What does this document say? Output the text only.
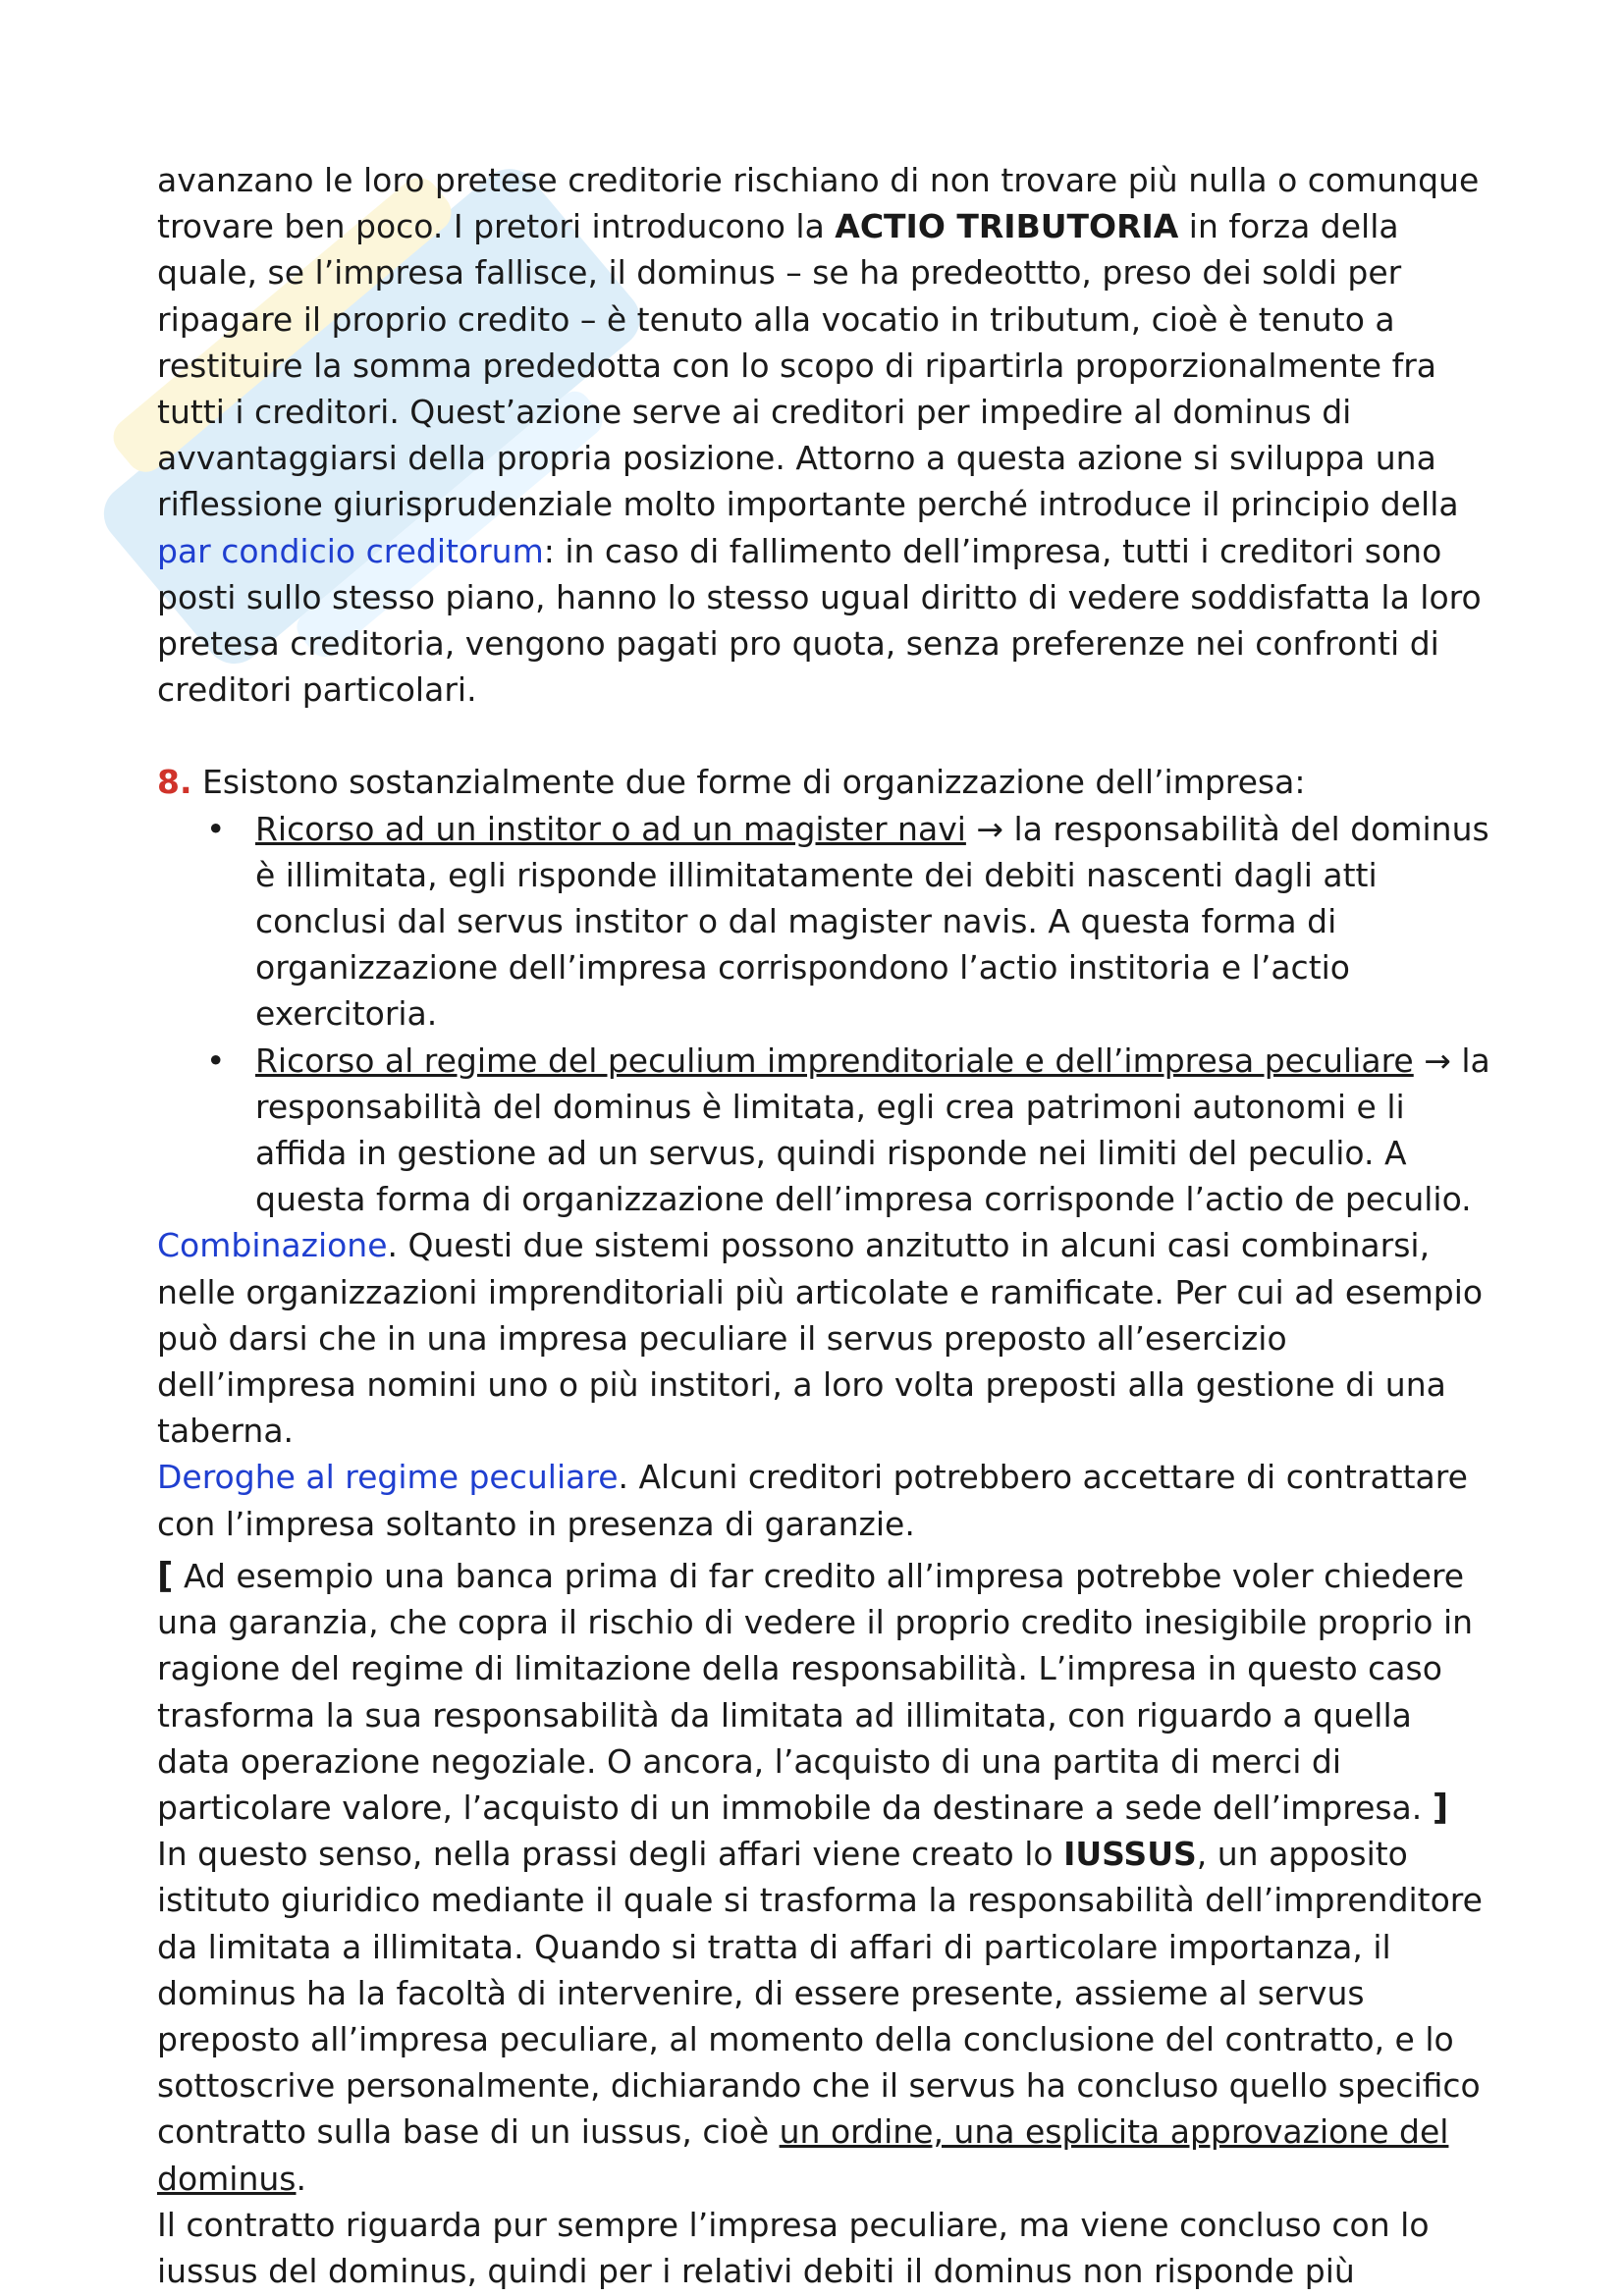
avanzano le loro pretese creditorie rischiano di non trovare più nulla o comunque trovare ben poco. I pretori introducono la ACTIO TRIBUTORIA in forza della quale, se l’impresa fallisce, il dominus – se ha predeottto, preso dei soldi per ripagare il proprio credito – è tenuto alla vocatio in tributum, cioè è tenuto a restituire la somma prededotta con lo scopo di ripartirla proporzionalmente fra tutti i creditori. Quest’azione serve ai creditori per impedire al dominus di avvantaggiarsi della propria posizione. Attorno a questa azione si sviluppa una riflessione giurisprudenziale molto importante perché introduce il principio della par condicio creditorum: in caso di fallimento dell’impresa, tutti i creditori sono posti sullo stesso piano, hanno lo stesso ugual diritto di vedere soddisfatta la loro pretesa creditoria, vengono pagati pro quota, senza preferenze nei confronti di creditori particolari.

8. Esistono sostanzialmente due forme di organizzazione dell’impresa:

• Ricorso ad un institor o ad un magister navi → la responsabilità del dominus è illimitata, egli risponde illimitatamente dei debiti nascenti dagli atti conclusi dal servus institor o dal magister navis. A questa forma di organizzazione dell’impresa corrispondono l’actio institoria e l’actio exercitoria.
• Ricorso al regime del peculium imprenditoriale e dell’impresa peculiare → la responsabilità del dominus è limitata, egli crea patrimoni autonomi e li affida in gestione ad un servus, quindi risponde nei limiti del peculio. A questa forma di organizzazione dell’impresa corrisponde l’actio de peculio.

Combinazione. Questi due sistemi possono anzitutto in alcuni casi combinarsi, nelle organizzazioni imprenditoriali più articolate e ramificate. Per cui ad esempio può darsi che in una impresa peculiare il servus preposto all’esercizio dell’impresa nomini uno o più institori, a loro volta preposti alla gestione di una taberna.

Deroghe al regime peculiare. Alcuni creditori potrebbero accettare di contrattare con l’impresa soltanto in presenza di garanzie.

[ Ad esempio una banca prima di far credito all’impresa potrebbe voler chiedere una garanzia, che copra il rischio di vedere il proprio credito inesigibile proprio in ragione del regime di limitazione della responsabilità. L’impresa in questo caso trasforma la sua responsabilità da limitata ad illimitata, con riguardo a quella data operazione negoziale. O ancora, l’acquisto di una partita di merci di particolare valore, l’acquisto di un immobile da destinare a sede dell’impresa. ]

In questo senso, nella prassi degli affari viene creato lo IUSSUS, un apposito istituto giuridico mediante il quale si trasforma la responsabilità dell’imprenditore da limitata a illimitata. Quando si tratta di affari di particolare importanza, il dominus ha la facoltà di intervenire, di essere presente, assieme al servus preposto all’impresa peculiare, al momento della conclusione del contratto, e lo sottoscrive personalmente, dichiarando che il servus ha concluso quello specifico contratto sulla base di un iussus, cioè un ordine, una esplicita approvazione del dominus.

Il contratto riguarda pur sempre l’impresa peculiare, ma viene concluso con lo iussus del dominus, quindi per i relativi debiti il dominus non risponde più
